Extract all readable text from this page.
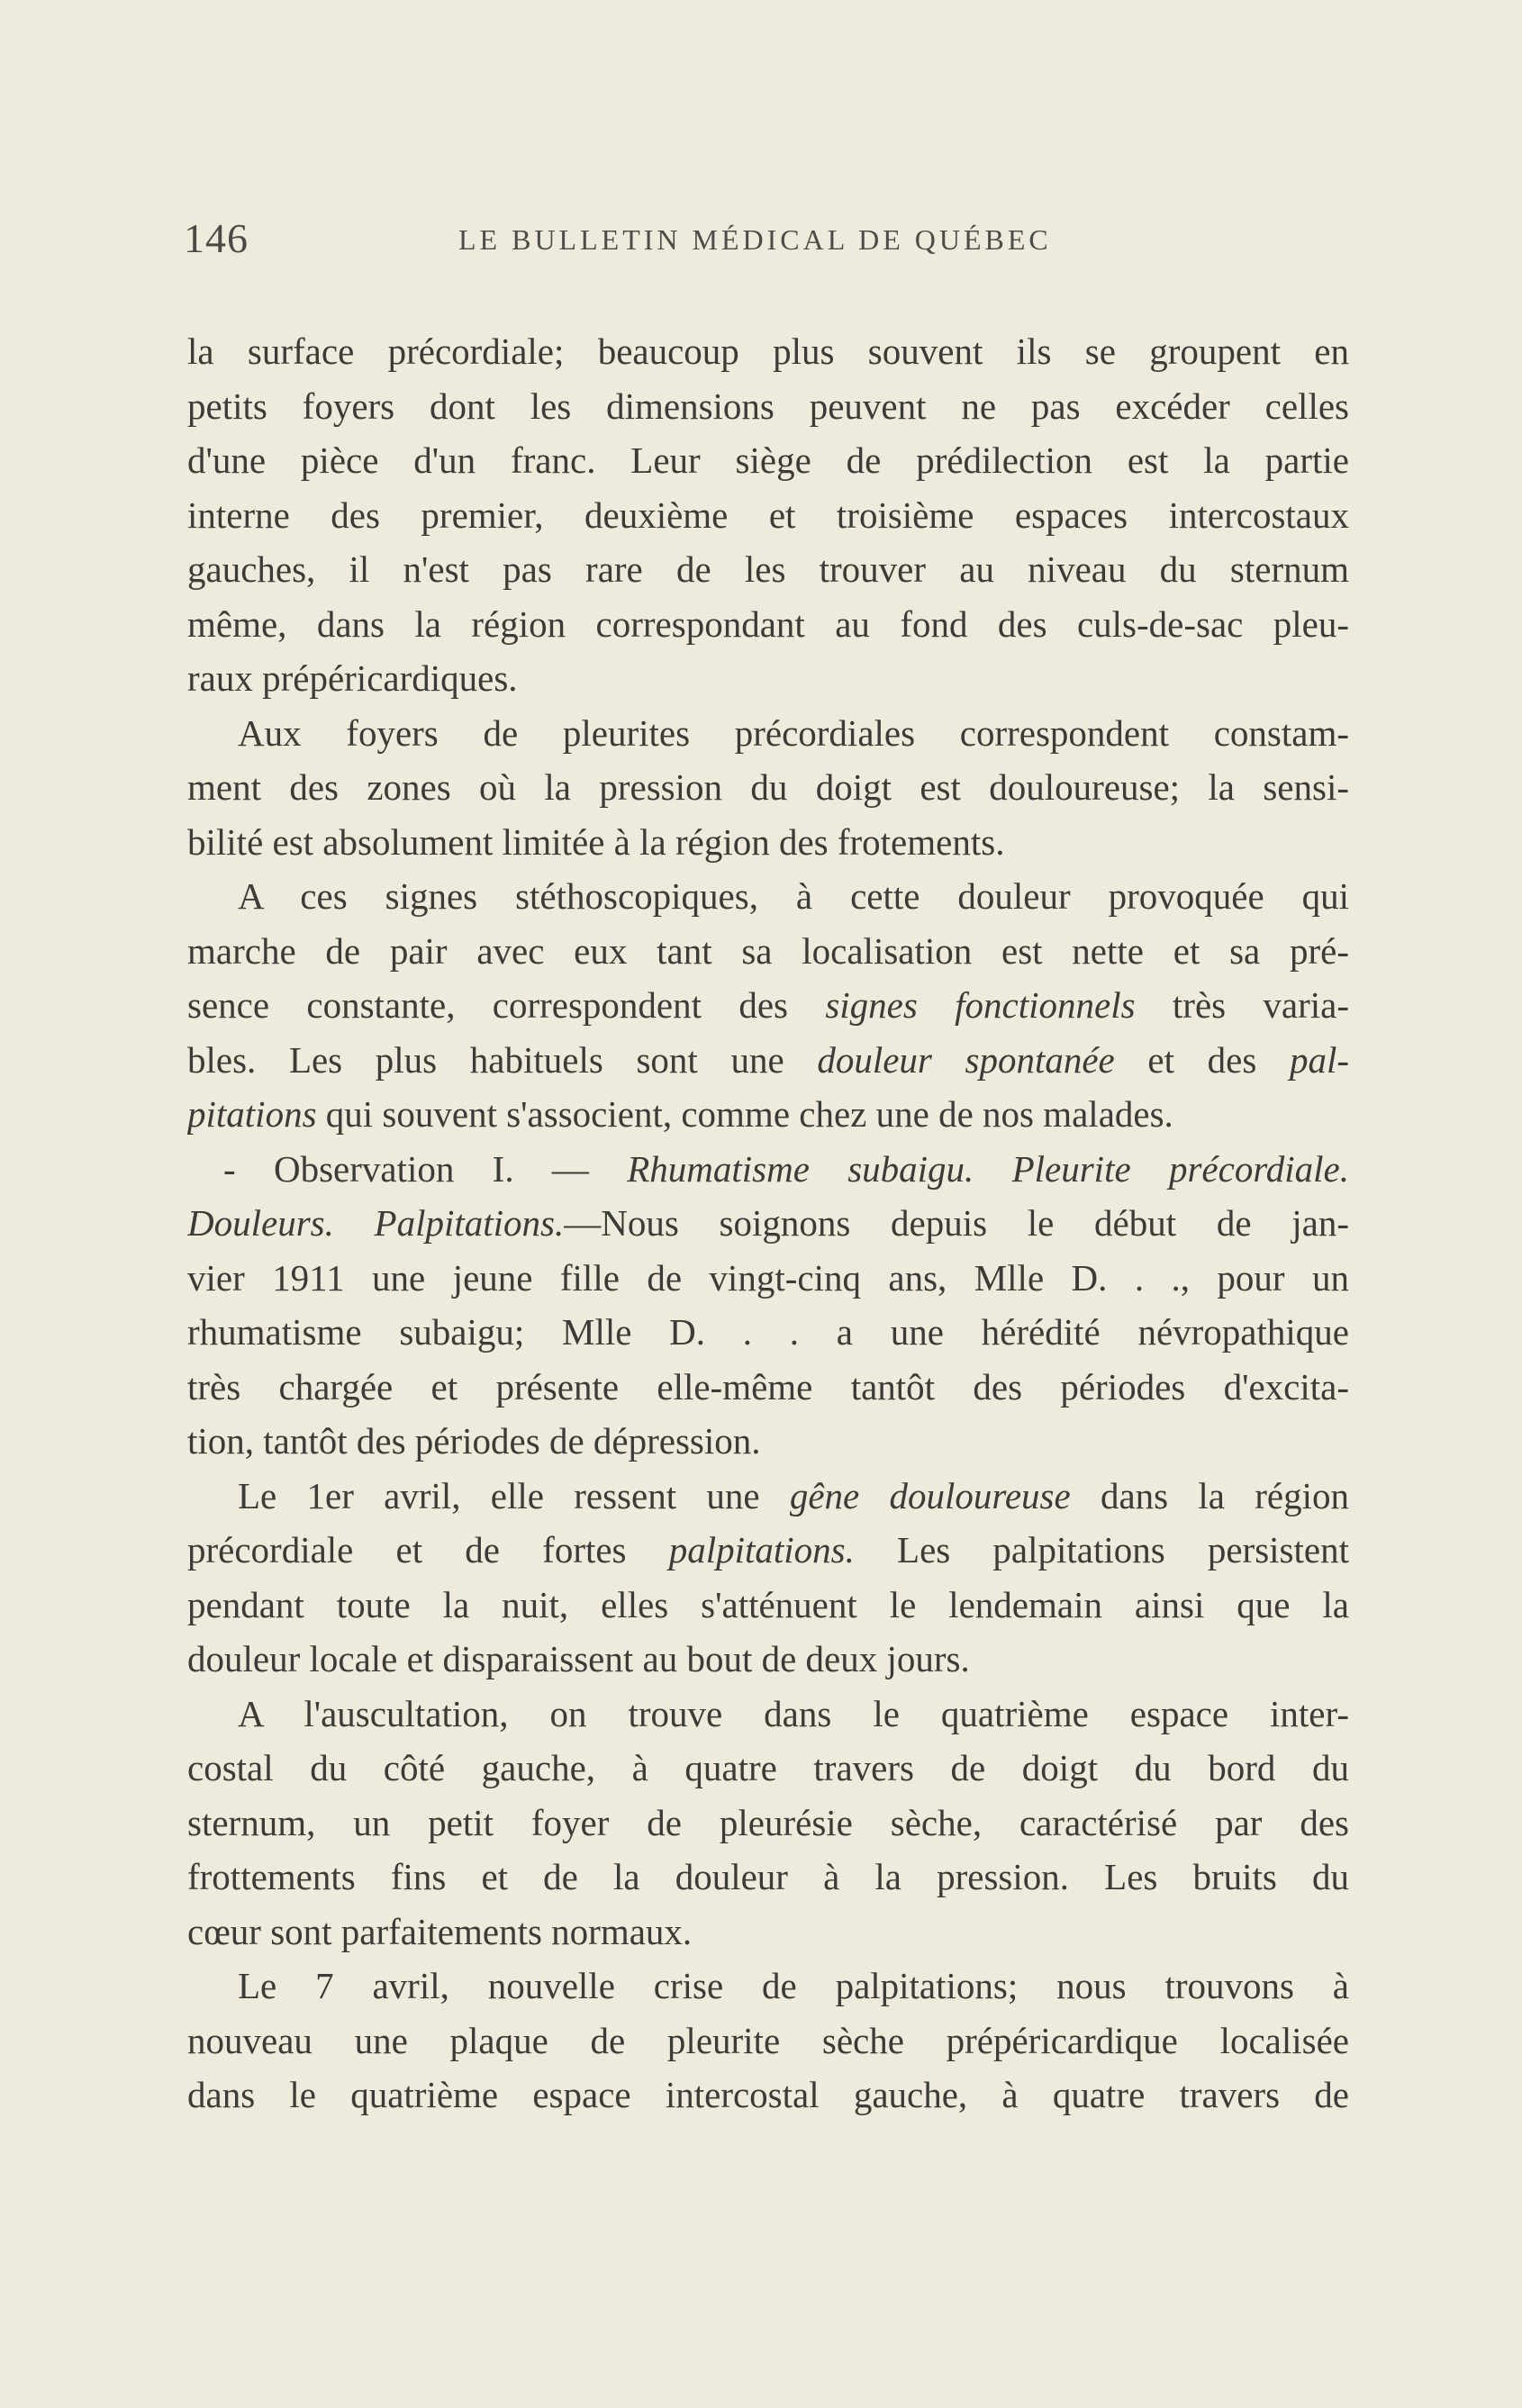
146	LE BULLETIN MÉDICAL DE QUÉBEC
la surface précordiale; beaucoup plus souvent ils se groupent en
petits foyers dont les dimensions peuvent ne pas excéder celles
d'une pièce d'un franc. Leur siège de prédilection est la partie
interne des premier, deuxième et troisième espaces intercostaux
gauches, il n'est pas rare de les trouver au niveau du sternum
même, dans la région correspondant au fond des culs-de-sac pleu-
raux prépéricardiques.
Aux foyers de pleurites précordiales correspondent constam-
ment des zones où la pression du doigt est douloureuse; la sensi-
bilité est absolument limitée à la région des frotements.
A ces signes stéthoscopiques, à cette douleur provoquée qui
marche de pair avec eux tant sa localisation est nette et sa pré-
sence constante, correspondent des signes fonctionnels très varia-
bles. Les plus habituels sont une douleur spontanée et des pal-
pitations qui souvent s'associent, comme chez une de nos malades.
- Observation I. — Rhumatisme subaigu. Pleurite précordiale.
Douleurs. Palpitations.—Nous soignons depuis le début de jan-
vier 1911 une jeune fille de vingt-cinq ans, Mlle D. . ., pour un
rhumatisme subaigu; Mlle D. . . a une hérédité névropathique
très chargée et présente elle-même tantôt des périodes d'excita-
tion, tantôt des périodes de dépression.
Le 1er avril, elle ressent une gêne douloureuse dans la région
précordiale et de fortes palpitations. Les palpitations persistent
pendant toute la nuit, elles s'atténuent le lendemain ainsi que la
douleur locale et disparaissent au bout de deux jours.
A l'auscultation, on trouve dans le quatrième espace inter-
costal du côté gauche, à quatre travers de doigt du bord du
sternum, un petit foyer de pleurésie sèche, caractérisé par des
frottements fins et de la douleur à la pression. Les bruits du
cœur sont parfaitements normaux.
Le 7 avril, nouvelle crise de palpitations; nous trouvons à
nouveau une plaque de pleurite sèche prépéricardique localisée
dans le quatrième espace intercostal gauche, à quatre travers de
